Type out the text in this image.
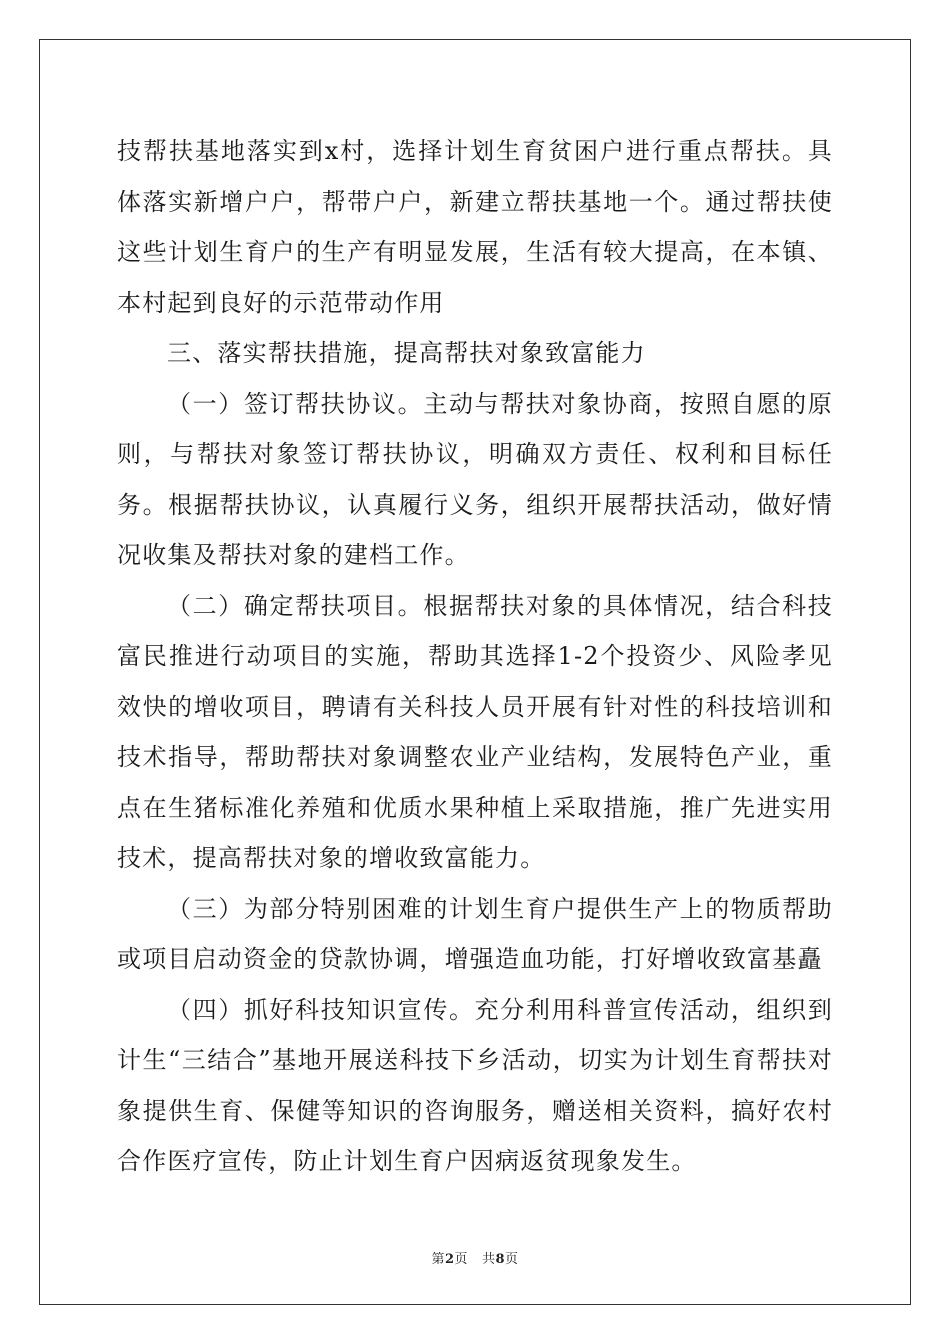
技帮扶基地落实到x村，选择计划生育贫困户进行重点帮扶。具体落实新增户户，帮带户户，新建立帮扶基地一个。通过帮扶使这些计划生育户的生产有明显发展，生活有较大提高，在本镇、本村起到良好的示范带动作用

三、落实帮扶措施，提高帮扶对象致富能力

（一）签订帮扶协议。主动与帮扶对象协商，按照自愿的原则，与帮扶对象签订帮扶协议，明确双方责任、权利和目标任务。根据帮扶协议，认真履行义务，组织开展帮扶活动，做好情况收集及帮扶对象的建档工作。

（二）确定帮扶项目。根据帮扶对象的具体情况，结合科技富民推进行动项目的实施，帮助其选择1-2个投资少、风险孝见效快的增收项目，聘请有关科技人员开展有针对性的科技培训和技术指导，帮助帮扶对象调整农业产业结构，发展特色产业，重点在生猪标准化养殖和优质水果种植上采取措施，推广先进实用技术，提高帮扶对象的增收致富能力。

（三）为部分特别困难的计划生育户提供生产上的物质帮助或项目启动资金的贷款协调，增强造血功能，打好增收致富基矗

（四）抓好科技知识宣传。充分利用科普宣传活动，组织到计生“三结合”基地开展送科技下乡活动，切实为计划生育帮扶对象提供生育、保健等知识的咨询服务，赠送相关资料，搞好农村合作医疗宣传，防止计划生育户因病返贫现象发生。

第2页 共8页
